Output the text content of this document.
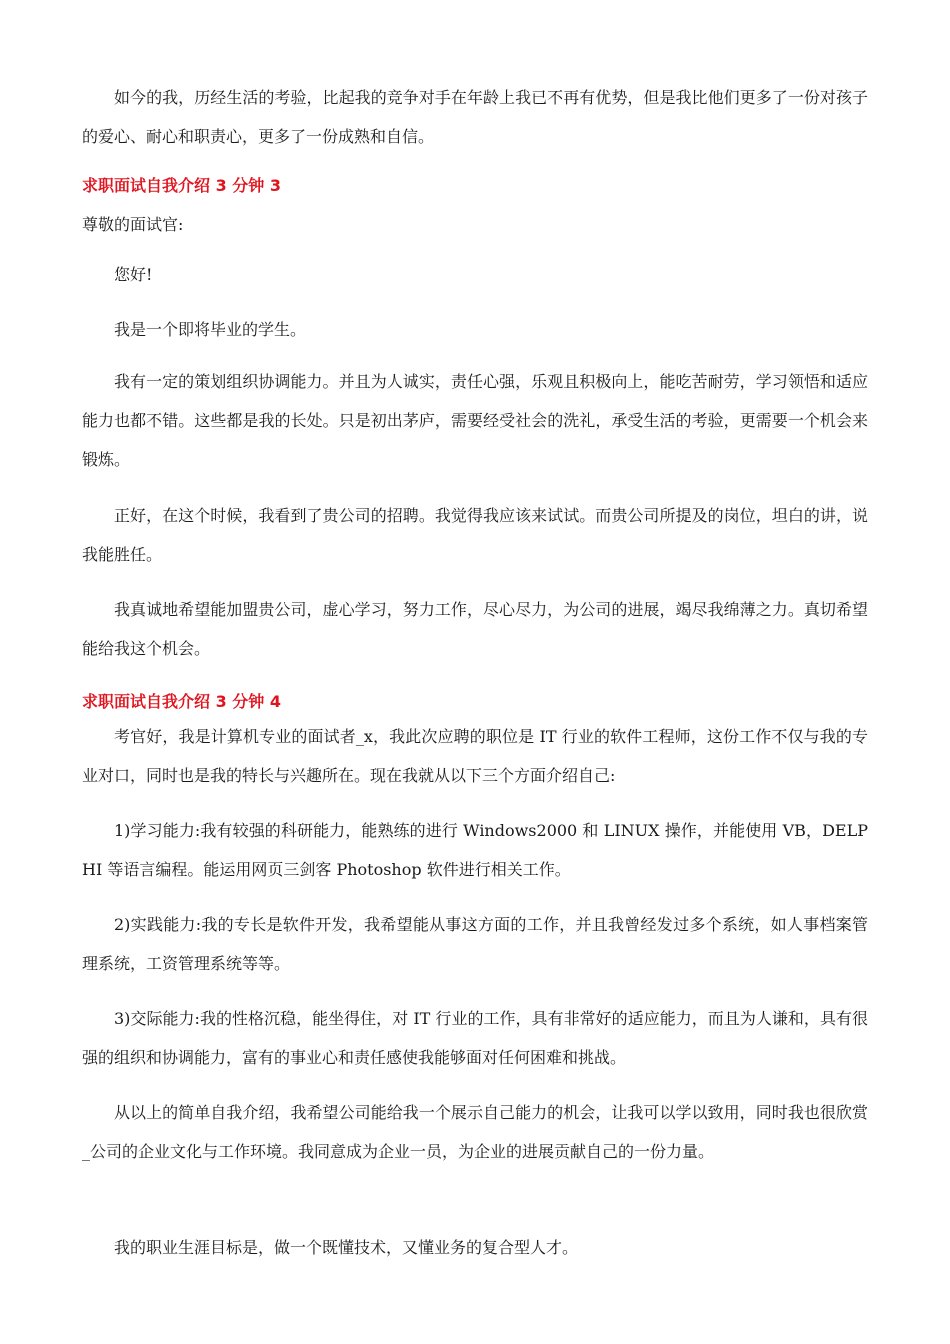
如今的我，历经生活的考验，比起我的竞争对手在年龄上我已不再有优势，但是我比他们更多了一份对孩子的爱心、耐心和职责心，更多了一份成熟和自信。

求职面试自我介绍 3 分钟 3

尊敬的面试官:

您好!

我是一个即将毕业的学生。

我有一定的策划组织协调能力。并且为人诚实，责任心强，乐观且积极向上，能吃苦耐劳，学习领悟和适应能力也都不错。这些都是我的长处。只是初出茅庐，需要经受社会的洗礼，承受生活的考验，更需要一个机会来锻炼。

正好，在这个时候，我看到了贵公司的招聘。我觉得我应该来试试。而贵公司所提及的岗位，坦白的讲，说我能胜任。

我真诚地希望能加盟贵公司，虚心学习，努力工作，尽心尽力，为公司的进展，竭尽我绵薄之力。真切希望能给我这个机会。

求职面试自我介绍 3 分钟 4

考官好，我是计算机专业的面试者_x，我此次应聘的职位是 IT 行业的软件工程师，这份工作不仅与我的专业对口，同时也是我的特长与兴趣所在。现在我就从以下三个方面介绍自己:

1)学习能力:我有较强的科研能力，能熟练的进行 Windows2000 和 LINUX 操作，并能使用 VB，DELPHI 等语言编程。能运用网页三剑客 Photoshop 软件进行相关工作。

2)实践能力:我的专长是软件开发，我希望能从事这方面的工作，并且我曾经发过多个系统，如人事档案管理系统，工资管理系统等等。

3)交际能力:我的性格沉稳，能坐得住，对 IT 行业的工作，具有非常好的适应能力，而且为人谦和，具有很强的组织和协调能力，富有的事业心和责任感使我能够面对任何困难和挑战。

从以上的简单自我介绍，我希望公司能给我一个展示自己能力的机会，让我可以学以致用，同时我也很欣赏_公司的企业文化与工作环境。我同意成为企业一员，为企业的进展贡献自己的一份力量。

我的职业生涯目标是，做一个既懂技术，又懂业务的复合型人才。
